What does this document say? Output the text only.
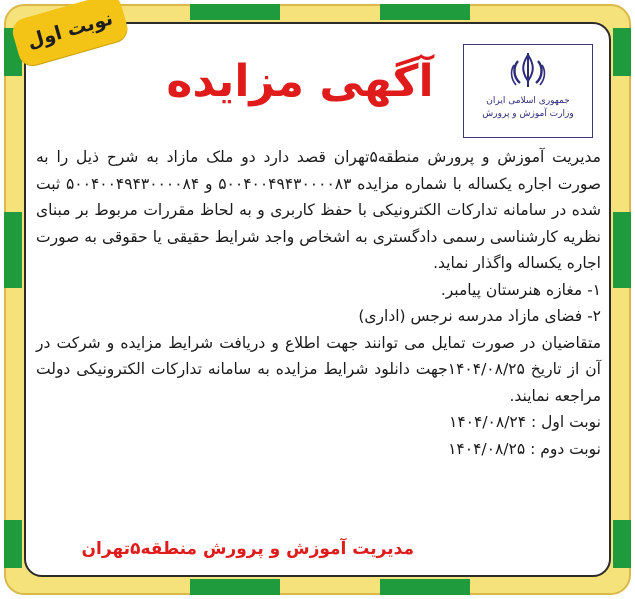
نوبت اول
آگهی مزایده	جمهوری اسلامی ایران
وزارت آموزش و پرورش

مدیریت آموزش و پرورش منطقه۵تهران قصد دارد دو ملک مازاد به شرح ذیل را به صورت اجاره یکساله با شماره مزایده ۵۰۰۴۰۰۴۹۴۳۰۰۰۰۸۳ و ۵۰۰۴۰۰۴۹۴۳۰۰۰۰۸۴ ثبت شده در سامانه تدارکات الکترونیکی با حفظ کاربری و به لحاظ مقررات مربوط بر مبنای نظریه کارشناسی رسمی دادگستری به اشخاص واجد شرایط حقیقی یا حقوقی به صورت اجاره یکساله واگذار نماید.

۱- مغازه هنرستان پیامبر.

۲- فضای مازاد مدرسه نرجس (اداری)

متقاضیان در صورت تمایل می توانند جهت اطلاع و دریافت شرایط مزایده و شرکت در آن از تاریخ ۱۴۰۴/۰۸/۲۵جهت دانلود شرایط مزایده به سامانه تدارکات الکترونیکی دولت مراجعه نمایند.

نوبت اول : ۱۴۰۴/۰۸/۲۴

نوبت دوم : ۱۴۰۴/۰۸/۲۵

مدیریت آموزش و پرورش منطقه۵تهران
